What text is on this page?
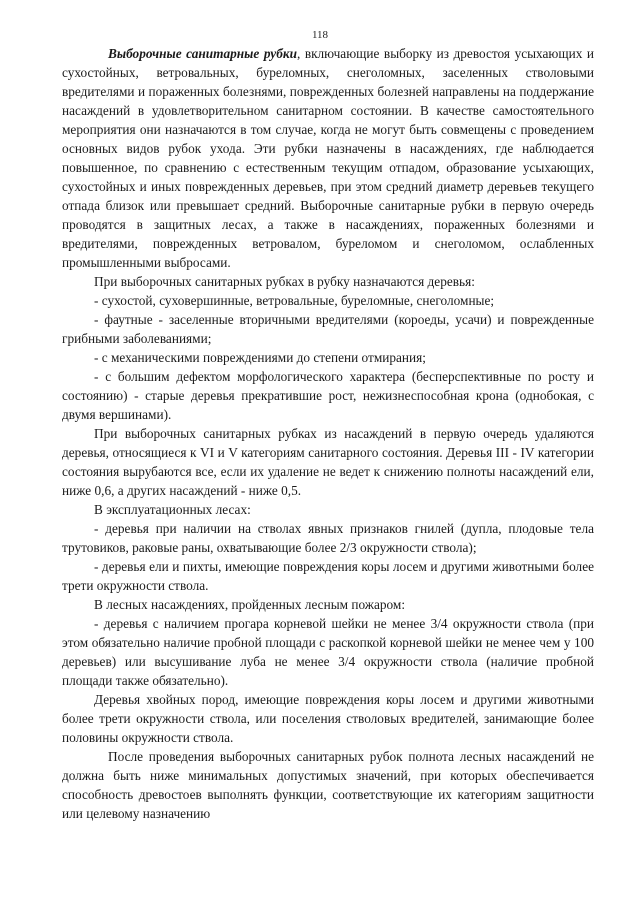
118

Выборочные санитарные рубки, включающие выборку из древостоя усыхающих и сухостойных, ветровальных, буреломных, снеголомных, заселенных стволовыми вредителями и пораженных болезнями, поврежденных болезней направлены на поддержание насаждений в удовлетворительном санитарном состоянии. В качестве самостоятельного мероприятия они назначаются в том случае, когда не могут быть совмещены с проведением основных видов рубок ухода. Эти рубки назначены в насаждениях, где наблюдается повышенное, по сравнению с естественным текущим отпадом, образование усыхающих, сухостойных и иных поврежденных деревьев, при этом средний диаметр деревьев текущего отпада близок или превышает средний. Выборочные санитарные рубки в первую очередь проводятся в защитных лесах, а также в насаждениях, пораженных болезнями и вредителями, поврежденных ветровалом, буреломом и снеголомом, ослабленных промышленными выбросами.

При выборочных санитарных рубках в рубку назначаются деревья:

- сухостой, суховершинные, ветровальные, буреломные, снеголомные;

- фаутные - заселенные вторичными вредителями (короеды, усачи) и поврежденные грибными заболеваниями;

- с механическими повреждениями до степени отмирания;

- с большим дефектом морфологического характера (бесперспективные по росту и состоянию) - старые деревья прекратившие рост, нежизнеспособная крона (однобокая, с двумя вершинами).

При выборочных санитарных рубках из насаждений в первую очередь удаляются деревья, относящиеся к VI и V категориям санитарного состояния. Деревья III - IV категории состояния вырубаются все, если их удаление не ведет к снижению полноты насаждений ели, ниже 0,6, а других насаждений - ниже 0,5.

В эксплуатационных лесах:

- деревья при наличии на стволах явных признаков гнилей (дупла, плодовые тела трутовиков, раковые раны, охватывающие более 2/3 окружности ствола);

- деревья ели и пихты, имеющие повреждения коры лосем и другими животными более трети окружности ствола.

В лесных насаждениях, пройденных лесным пожаром:

- деревья с наличием прогара корневой шейки не менее 3/4 окружности ствола (при этом обязательно наличие пробной площади с раскопкой корневой шейки не менее чем у 100 деревьев) или высушивание луба не менее 3/4 окружности ствола (наличие пробной площади также обязательно).

Деревья хвойных пород, имеющие повреждения коры лосем и другими животными более трети окружности ствола, или поселения стволовых вредителей, занимающие более половины окружности ствола.

После проведения выборочных санитарных рубок полнота лесных насаждений не должна быть ниже минимальных допустимых значений, при которых обеспечивается способность древостоев выполнять функции, соответствующие их категориям защитности или целевому назначению
